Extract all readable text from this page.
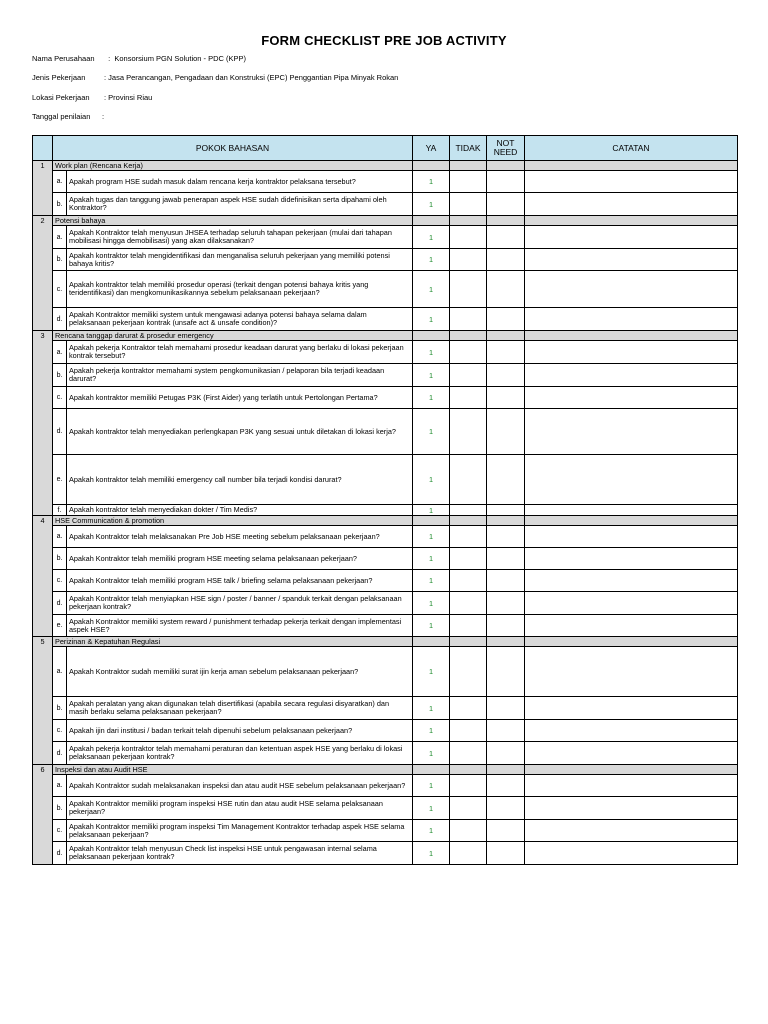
FORM CHECKLIST PRE JOB ACTIVITY
Nama Perusahaan :  Konsorsium PGN Solution - PDC (KPP)
Jenis Pekerjaan : Jasa Perancangan, Pengadaan dan Konstruksi (EPC) Penggantian Pipa Minyak Rokan
Lokasi Pekerjaan : Provinsi Riau
Tanggal penilaian :
	POKOK BAHASAN		YA	TIDAK	NOT NEED	CATATAN
1	Work plan (Rencana Kerja)					
	a.	Apakah program HSE sudah masuk dalam rencana kerja kontraktor pelaksana tersebut?	1			
	b.	Apakah tugas dan tanggung jawab penerapan aspek HSE sudah didefinisikan serta dipahami oleh Kontraktor?	1			
2	Potensi bahaya					
	a.	Apakah Kontraktor telah menyusun JHSEA terhadap seluruh tahapan pekerjaan (mulai dari tahapan mobilisasi hingga demobilisasi) yang akan dilaksanakan?	1			
	b.	Apakah kontraktor telah mengidentifikasi dan menganalisa seluruh pekerjaan yang memiliki potensi bahaya kritis?	1			
	c.	Apakah kontraktor telah memiliki prosedur operasi (terkait dengan potensi bahaya kritis yang teridentifikasi) dan mengkomunikasikannya sebelum pelaksanaan pekerjaan?	1			
	d.	Apakah Kontraktor memiliki system untuk mengawasi adanya potensi bahaya selama dalam pelaksanaan pekerjaan kontrak (unsafe act & unsafe condition)?	1			
3	Rencana tanggap darurat & prosedur emergency					
	a.	Apakah pekerja Kontraktor telah memahami prosedur keadaan darurat yang berlaku di lokasi pekerjaan kontrak tersebut?	1			
	b.	Apakah pekerja kontraktor memahami system pengkomunikasian / pelaporan bila terjadi keadaan darurat?	1			
	c.	Apakah kontraktor memiliki Petugas P3K (First Aider) yang terlatih untuk Pertolongan Pertama?	1			
	d.	Apakah kontraktor telah menyediakan perlengkapan P3K yang sesuai untuk diletakan di lokasi kerja?	1			
	e.	Apakah kontraktor telah memiliki emergency call number bila terjadi kondisi darurat?	1			
	f.	Apakah kontraktor telah menyediakan dokter / Tim Medis?	1			
4	HSE Communication & promotion					
	a.	Apakah Kontraktor telah melaksanakan Pre Job HSE meeting sebelum pelaksanaan pekerjaan?	1			
	b.	Apakah Kontraktor telah memiliki program HSE meeting selama pelaksanaan pekerjaan?	1			
	c.	Apakah Kontraktor telah memiliki program HSE talk / briefing selama pelaksanaan pekerjaan?	1			
	d.	Apakah Kontraktor telah menyiapkan HSE sign / poster / banner / spanduk terkait dengan pelaksanaan pekerjaan kontrak?	1			
	e.	Apakah Kontraktor memiliki system reward / punishment terhadap pekerja terkait dengan implementasi aspek HSE?	1			
5	Perizinan & Kepatuhan Regulasi					
	a.	Apakah Kontraktor sudah memiliki surat ijin kerja aman sebelum pelaksanaan pekerjaan?	1			
	b.	Apakah peralatan yang akan digunakan telah disertifikasi (apabila secara regulasi disyaratkan) dan masih berlaku selama pelaksanaan pekerjaan?	1			
	c.	Apakah ijin dari institusi / badan terkait telah dipenuhi sebelum pelaksanaan pekerjaan?	1			
	d.	Apakah pekerja kontraktor telah memahami peraturan dan ketentuan aspek HSE yang berlaku di lokasi pelaksanaan pekerjaan kontrak?	1			
6	Inspeksi dan atau Audit HSE					
	a.	Apakah Kontraktor sudah melaksanakan inspeksi dan atau audit HSE sebelum pelaksanaan pekerjaan?	1			
	b.	Apakah Kontraktor memiliki program inspeksi HSE rutin dan atau audit HSE selama pelaksanaan pekerjaan?	1			
	c.	Apakah Kontraktor memiliki program inspeksi Tim Management Kontraktor terhadap aspek HSE selama pelaksanaan pekerjaan?	1			
	d.	Apakah Kontraktor telah menyusun Check list inspeksi HSE untuk pengawasan internal selama pelaksanaan pekerjaan kontrak?	1			
